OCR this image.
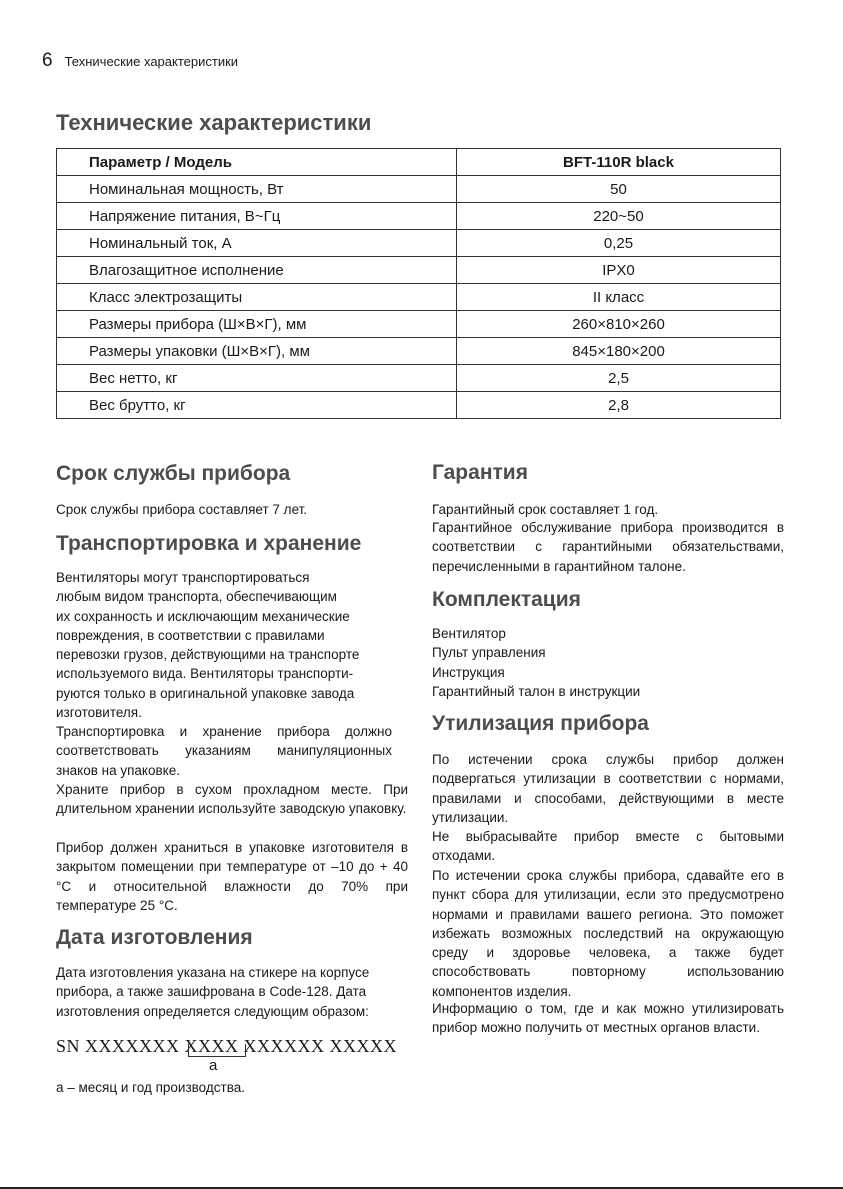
6 Технические характеристики
Технические характеристики
Параметр / Модель	BFT-110R black
Номинальная мощность, Вт	50
Напряжение питания, В~Гц	220~50
Номинальный ток, А	0,25
Влагозащитное исполнение	IPX0
Класс электрозащиты	II класс
Размеры прибора (Ш×В×Г), мм	260×810×260
Размеры упаковки (Ш×В×Г), мм	845×180×200
Вес нетто, кг	2,5
Вес брутто, кг	2,8
Срок службы прибора

Срок службы прибора составляет 7 лет.

Транспортировка и хранение
Вентиляторы могут транспортироваться
любым видом транспорта, обеспечивающим
их сохранность и исключающим механические
повреждения, в соответствии с правилами
перевозки грузов, действующими на транспорте
используемого вида. Вентиляторы транспорти-
руются только в оригинальной упаковке завода
изготовителя.

Транспортировка и хранение прибора должно соответствовать указаниям манипуляционных знаков на упаковке.

Храните прибор в сухом прохладном месте. При длительном хранении используйте заводскую упаковку.

Прибор должен храниться в упаковке изготовителя в закрытом помещении при температуре от –10 до + 40 °С и относительной влажности до 70% при температуре 25 °С.

Дата изготовления

Дата изготовления указана на стикере на корпусе прибора, а также зашифрована в Code-128. Дата изготовления определяется следующим образом:

SN XXXXXXX XXXX XXXXXX XXXXX
a

a – месяц и год производства.

Гарантия

Гарантийный срок составляет 1 год.

Гарантийное обслуживание прибора производится в соответствии с гарантийными обязательствами, перечисленными в гарантийном талоне.

Комплектация
Вентилятор
Пульт управления
Инструкция
Гарантийный талон в инструкции
Утилизация прибора

По истечении срока службы прибор должен подвергаться утилизации в соответствии с нормами, правилами и способами, действующими в месте утилизации.

Не выбрасывайте прибор вместе с бытовыми отходами.

По истечении срока службы прибора, сдавайте его в пункт сбора для утилизации, если это предусмотрено нормами и правилами вашего региона. Это поможет избежать возможных последствий на окружающую среду и здоровье человека, а также будет способствовать повторному использованию компонентов изделия.

Информацию о том, где и как можно утилизировать прибор можно получить от местных органов власти.
